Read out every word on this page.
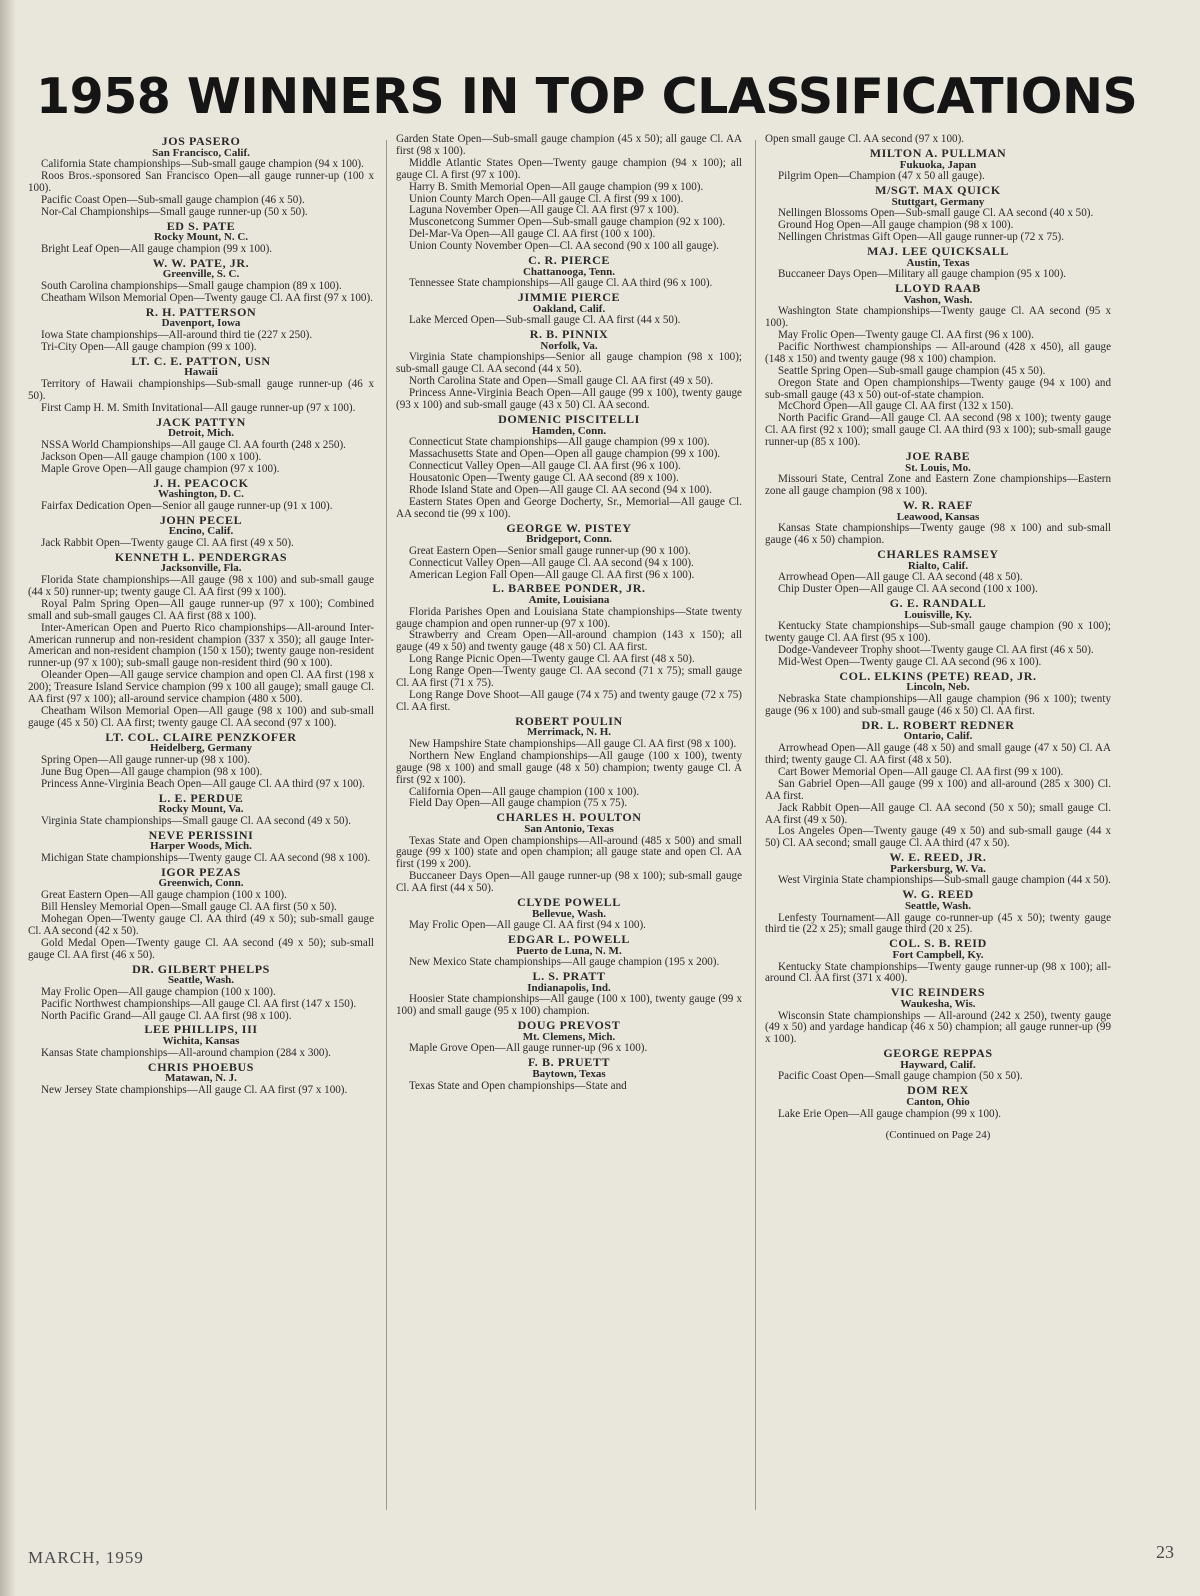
1958 WINNERS IN TOP CLASSIFICATIONS
JOS PASERO
San Francisco, Calif.

California State championships—Sub-small gauge champion (94 x 100).

Roos Bros.-sponsored San Francisco Open—all gauge runner-up (100 x 100).

Pacific Coast Open—Sub-small gauge champion (46 x 50).

Nor-Cal Championships—Small gauge runner-up (50 x 50).

ED S. PATE
Rocky Mount, N. C.

Bright Leaf Open—All gauge champion (99 x 100).

W. W. PATE, JR.
Greenville, S. C.

South Carolina championships—Small gauge champion (89 x 100).

Cheatham Wilson Memorial Open—Twenty gauge Cl. AA first (97 x 100).

R. H. PATTERSON
Davenport, Iowa

Iowa State championships—All-around third tie (227 x 250).

Tri-City Open—All gauge champion (99 x 100).

LT. C. E. PATTON, USN
Hawaii

Territory of Hawaii championships—Sub-small gauge runner-up (46 x 50).

First Camp H. M. Smith Invitational—All gauge runner-up (97 x 100).

JACK PATTYN
Detroit, Mich.

NSSA World Championships—All gauge Cl. AA fourth (248 x 250).

Jackson Open—All gauge champion (100 x 100).

Maple Grove Open—All gauge champion (97 x 100).

J. H. PEACOCK
Washington, D. C.

Fairfax Dedication Open—Senior all gauge runner-up (91 x 100).

JOHN PECEL
Encino, Calif.

Jack Rabbit Open—Twenty gauge Cl. AA first (49 x 50).

KENNETH L. PENDERGRAS
Jacksonville, Fla.

Florida State championships—All gauge (98 x 100) and sub-small gauge (44 x 50) runner-up; twenty gauge Cl. AA first (99 x 100).

Royal Palm Spring Open—All gauge runner-up (97 x 100); Combined small and sub-small gauges Cl. AA first (88 x 100).

Inter-American Open and Puerto Rico championships—All-around Inter-American runnerup and non-resident champion (337 x 350); all gauge Inter-American and non-resident champion (150 x 150); twenty gauge non-resident runner-up (97 x 100); sub-small gauge non-resident third (90 x 100).

Oleander Open—All gauge service champion and open Cl. AA first (198 x 200); Treasure Island Service champion (99 x 100 all gauge); small gauge Cl. AA first (97 x 100); all-around service champion (480 x 500).

Cheatham Wilson Memorial Open—All gauge (98 x 100) and sub-small gauge (45 x 50) Cl. AA first; twenty gauge Cl. AA second (97 x 100).

LT. COL. CLAIRE PENZKOFER
Heidelberg, Germany

Spring Open—All gauge runner-up (98 x 100).

June Bug Open—All gauge champion (98 x 100).

Princess Anne-Virginia Beach Open—All gauge Cl. AA third (97 x 100).

L. E. PERDUE
Rocky Mount, Va.

Virginia State championships—Small gauge Cl. AA second (49 x 50).

NEVE PERISSINI
Harper Woods, Mich.

Michigan State championships—Twenty gauge Cl. AA second (98 x 100).

IGOR PEZAS
Greenwich, Conn.

Great Eastern Open—All gauge champion (100 x 100).

Bill Hensley Memorial Open—Small gauge Cl. AA first (50 x 50).

Mohegan Open—Twenty gauge Cl. AA third (49 x 50); sub-small gauge Cl. AA second (42 x 50).

Gold Medal Open—Twenty gauge Cl. AA second (49 x 50); sub-small gauge Cl. AA first (46 x 50).

DR. GILBERT PHELPS
Seattle, Wash.

May Frolic Open—All gauge champion (100 x 100).

Pacific Northwest championships—All gauge Cl. AA first (147 x 150).

North Pacific Grand—All gauge Cl. AA first (98 x 100).

LEE PHILLIPS, III
Wichita, Kansas

Kansas State championships—All-around champion (284 x 300).

CHRIS PHOEBUS
Matawan, N. J.

New Jersey State championships—All gauge Cl. AA first (97 x 100).

Garden State Open—Sub-small gauge champion (45 x 50); all gauge Cl. AA first (98 x 100).

Middle Atlantic States Open—Twenty gauge champion (94 x 100); all gauge Cl. A first (97 x 100).

Harry B. Smith Memorial Open—All gauge champion (99 x 100).

Union County March Open—All gauge Cl. A first (99 x 100).

Laguna November Open—All gauge Cl. AA first (97 x 100).

Musconetcong Summer Open—Sub-small gauge champion (92 x 100).

Del-Mar-Va Open—All gauge Cl. AA first (100 x 100).

Union County November Open—Cl. AA second (90 x 100 all gauge).

C. R. PIERCE
Chattanooga, Tenn.

Tennessee State championships—All gauge Cl. AA third (96 x 100).

JIMMIE PIERCE
Oakland, Calif.

Lake Merced Open—Sub-small gauge Cl. AA first (44 x 50).

R. B. PINNIX
Norfolk, Va.

Virginia State championships—Senior all gauge champion (98 x 100); sub-small gauge Cl. AA second (44 x 50).

North Carolina State and Open—Small gauge Cl. AA first (49 x 50).

Princess Anne-Virginia Beach Open—All gauge (99 x 100), twenty gauge (93 x 100) and sub-small gauge (43 x 50) Cl. AA second.

DOMENIC PISCITELLI
Hamden, Conn.

Connecticut State championships—All gauge champion (99 x 100).

Massachusetts State and Open—Open all gauge champion (99 x 100).

Connecticut Valley Open—All gauge Cl. AA first (96 x 100).

Housatonic Open—Twenty gauge Cl. AA second (89 x 100).

Rhode Island State and Open—All gauge Cl. AA second (94 x 100).

Eastern States Open and George Docherty, Sr., Memorial—All gauge Cl. AA second tie (99 x 100).

GEORGE W. PISTEY
Bridgeport, Conn.

Great Eastern Open—Senior small gauge runner-up (90 x 100).

Connecticut Valley Open—All gauge Cl. AA second (94 x 100).

American Legion Fall Open—All gauge Cl. AA first (96 x 100).

L. BARBEE PONDER, JR.
Amite, Louisiana

Florida Parishes Open and Louisiana State championships—State twenty gauge champion and open runner-up (97 x 100).

Strawberry and Cream Open—All-around champion (143 x 150); all gauge (49 x 50) and twenty gauge (48 x 50) Cl. AA first.

Long Range Picnic Open—Twenty gauge Cl. AA first (48 x 50).

Long Range Open—Twenty gauge Cl. AA second (71 x 75); small gauge Cl. AA first (71 x 75).

Long Range Dove Shoot—All gauge (74 x 75) and twenty gauge (72 x 75) Cl. AA first.

ROBERT POULIN
Merrimack, N. H.

New Hampshire State championships—All gauge Cl. AA first (98 x 100).

Northern New England championships—All gauge (100 x 100), twenty gauge (98 x 100) and small gauge (48 x 50) champion; twenty gauge Cl. A first (92 x 100).

California Open—All gauge champion (100 x 100).

Field Day Open—All gauge champion (75 x 75).

CHARLES H. POULTON
San Antonio, Texas

Texas State and Open championships—All-around (485 x 500) and small gauge (99 x 100) state and open champion; all gauge state and open Cl. AA first (199 x 200).

Buccaneer Days Open—All gauge runner-up (98 x 100); sub-small gauge Cl. AA first (44 x 50).

CLYDE POWELL
Bellevue, Wash.

May Frolic Open—All gauge Cl. AA first (94 x 100).

EDGAR L. POWELL
Puerto de Luna, N. M.

New Mexico State championships—All gauge champion (195 x 200).

L. S. PRATT
Indianapolis, Ind.

Hoosier State championships—All gauge (100 x 100), twenty gauge (99 x 100) and small gauge (95 x 100) champion.

DOUG PREVOST
Mt. Clemens, Mich.

Maple Grove Open—All gauge runner-up (96 x 100).

F. B. PRUETT
Baytown, Texas

Texas State and Open championships—State and

Open small gauge Cl. AA second (97 x 100).

MILTON A. PULLMAN
Fukuoka, Japan

Pilgrim Open—Champion (47 x 50 all gauge).

M/SGT. MAX QUICK
Stuttgart, Germany

Nellingen Blossoms Open—Sub-small gauge Cl. AA second (40 x 50).

Ground Hog Open—All gauge champion (98 x 100).

Nellingen Christmas Gift Open—All gauge runner-up (72 x 75).

MAJ. LEE QUICKSALL
Austin, Texas

Buccaneer Days Open—Military all gauge champion (95 x 100).

LLOYD RAAB
Vashon, Wash.

Washington State championships—Twenty gauge Cl. AA second (95 x 100).

May Frolic Open—Twenty gauge Cl. AA first (96 x 100).

Pacific Northwest championships — All-around (428 x 450), all gauge (148 x 150) and twenty gauge (98 x 100) champion.

Seattle Spring Open—Sub-small gauge champion (45 x 50).

Oregon State and Open championships—Twenty gauge (94 x 100) and sub-small gauge (43 x 50) out-of-state champion.

McChord Open—All gauge Cl. AA first (132 x 150).

North Pacific Grand—All gauge Cl. AA second (98 x 100); twenty gauge Cl. AA first (92 x 100); small gauge Cl. AA third (93 x 100); sub-small gauge runner-up (85 x 100).

JOE RABE
St. Louis, Mo.

Missouri State, Central Zone and Eastern Zone championships—Eastern zone all gauge champion (98 x 100).

W. R. RAEF
Leawood, Kansas

Kansas State championships—Twenty gauge (98 x 100) and sub-small gauge (46 x 50) champion.

CHARLES RAMSEY
Rialto, Calif.

Arrowhead Open—All gauge Cl. AA second (48 x 50).

Chip Duster Open—All gauge Cl. AA second (100 x 100).

G. E. RANDALL
Louisville, Ky.

Kentucky State championships—Sub-small gauge champion (90 x 100); twenty gauge Cl. AA first (95 x 100).

Dodge-Vandeveer Trophy shoot—Twenty gauge Cl. AA first (46 x 50).

Mid-West Open—Twenty gauge Cl. AA second (96 x 100).

COL. ELKINS (PETE) READ, JR.
Lincoln, Neb.

Nebraska State championships—All gauge champion (96 x 100); twenty gauge (96 x 100) and sub-small gauge (46 x 50) Cl. AA first.

DR. L. ROBERT REDNER
Ontario, Calif.

Arrowhead Open—All gauge (48 x 50) and small gauge (47 x 50) Cl. AA third; twenty gauge Cl. AA first (48 x 50).

Cart Bower Memorial Open—All gauge Cl. AA first (99 x 100).

San Gabriel Open—All gauge (99 x 100) and all-around (285 x 300) Cl. AA first.

Jack Rabbit Open—All gauge Cl. AA second (50 x 50); small gauge Cl. AA first (49 x 50).

Los Angeles Open—Twenty gauge (49 x 50) and sub-small gauge (44 x 50) Cl. AA second; small gauge Cl. AA third (47 x 50).

W. E. REED, JR.
Parkersburg, W. Va.

West Virginia State championships—Sub-small gauge champion (44 x 50).

W. G. REED
Seattle, Wash.

Lenfesty Tournament—All gauge co-runner-up (45 x 50); twenty gauge third tie (22 x 25); small gauge third (20 x 25).

COL. S. B. REID
Fort Campbell, Ky.

Kentucky State championships—Twenty gauge runner-up (98 x 100); all-around Cl. AA first (371 x 400).

VIC REINDERS
Waukesha, Wis.

Wisconsin State championships — All-around (242 x 250), twenty gauge (49 x 50) and yardage handicap (46 x 50) champion; all gauge runner-up (99 x 100).

GEORGE REPPAS
Hayward, Calif.

Pacific Coast Open—Small gauge champion (50 x 50).

DOM REX
Canton, Ohio

Lake Erie Open—All gauge champion (99 x 100).

(Continued on Page 24)

MARCH, 1959	23
